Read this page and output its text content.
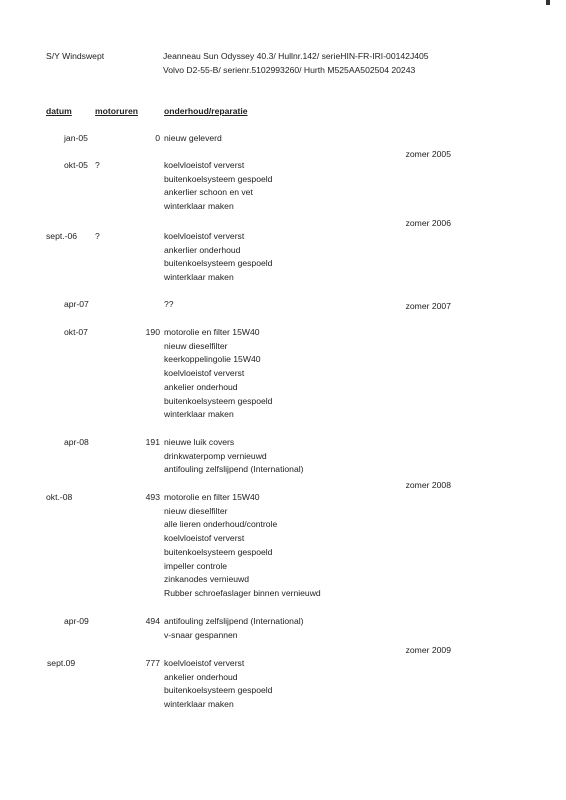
S/Y Windswept	Jeanneau Sun Odyssey 40.3/ Hullnr.142/ serieHIN-FR-IRI-00142J405
Volvo D2-55-B/ serienr.5102993260/ Hurth M525AA502504 20243
datum	motoruren	onderhoud/reparatie
jan-05	0 nieuw geleverd
okt-05 ?	koelvloeistof ververst
buitenkoelsysteem gespoeld
ankerlier schoon en vet
winterklaar maken
sept.-06 ?	koelvloeistof ververst
ankerlier onderhoud
buitenkoelsysteem gespoeld
winterklaar maken
apr-07	??
okt-07	190 motorolie en filter 15W40
nieuw dieselfilter
keerkoppelingolie 15W40
koelvloeistof ververst
ankelier onderhoud
buitenkoelsysteem gespoeld
winterklaar maken
apr-08	191 nieuwe luik covers
drinkwaterpomp vernieuwd
antifouling zelfslijpend (International)
okt.-08	493 motorolie en filter 15W40
nieuw dieselfilter
alle lieren onderhoud/controle
koelvloeistof ververst
buitenkoelsysteem gespoeld
impeller controle
zinkanodes vernieuwd
Rubber schroefaslager binnen vernieuwd
apr-09	494 antifouling zelfslijpend (International)
v-snaar gespannen
sept.09	777 koelvloeistof ververst
ankelier onderhoud
buitenkoelsysteem gespoeld
winterklaar maken
zomer 2005
zomer 2006
zomer 2007
zomer 2008
zomer 2009
